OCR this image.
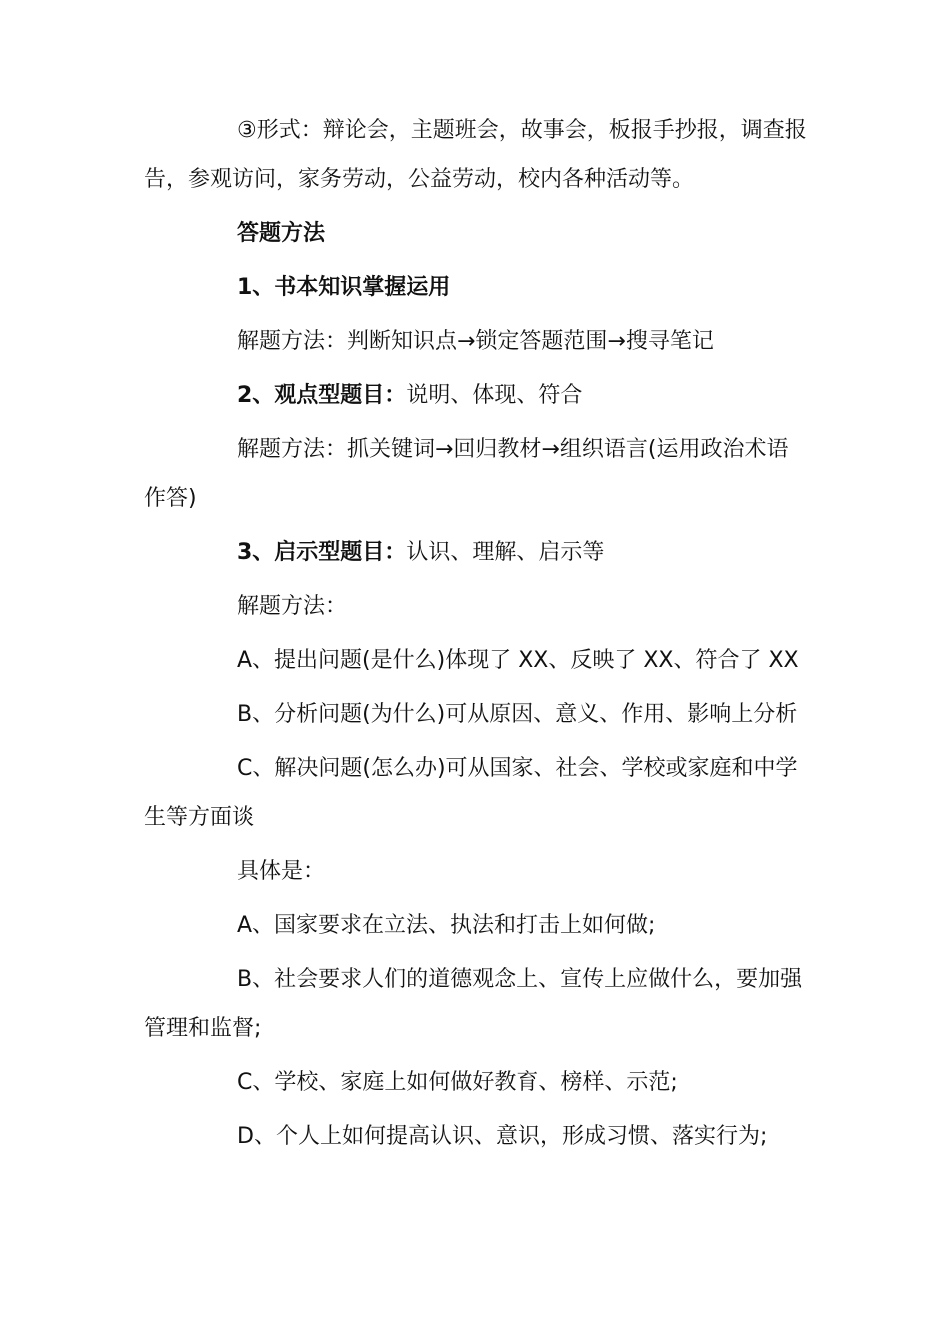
③形式：辩论会，主题班会，故事会，板报手抄报，调查报告，参观访问，家务劳动，公益劳动，校内各种活动等。

答题方法

1、书本知识掌握运用

解题方法：判断知识点→锁定答题范围→搜寻笔记

2、观点型题目：说明、体现、符合

解题方法：抓关键词→回归教材→组织语言(运用政治术语作答)

3、启示型题目：认识、理解、启示等

解题方法：

A、提出问题(是什么)体现了 XX、反映了 XX、符合了 XX

B、分析问题(为什么)可从原因、意义、作用、影响上分析

C、解决问题(怎么办)可从国家、社会、学校或家庭和中学生等方面谈

具体是：

A、国家要求在立法、执法和打击上如何做;

B、社会要求人们的道德观念上、宣传上应做什么，要加强管理和监督;

C、学校、家庭上如何做好教育、榜样、示范;

D、个人上如何提高认识、意识，形成习惯、落实行为;
